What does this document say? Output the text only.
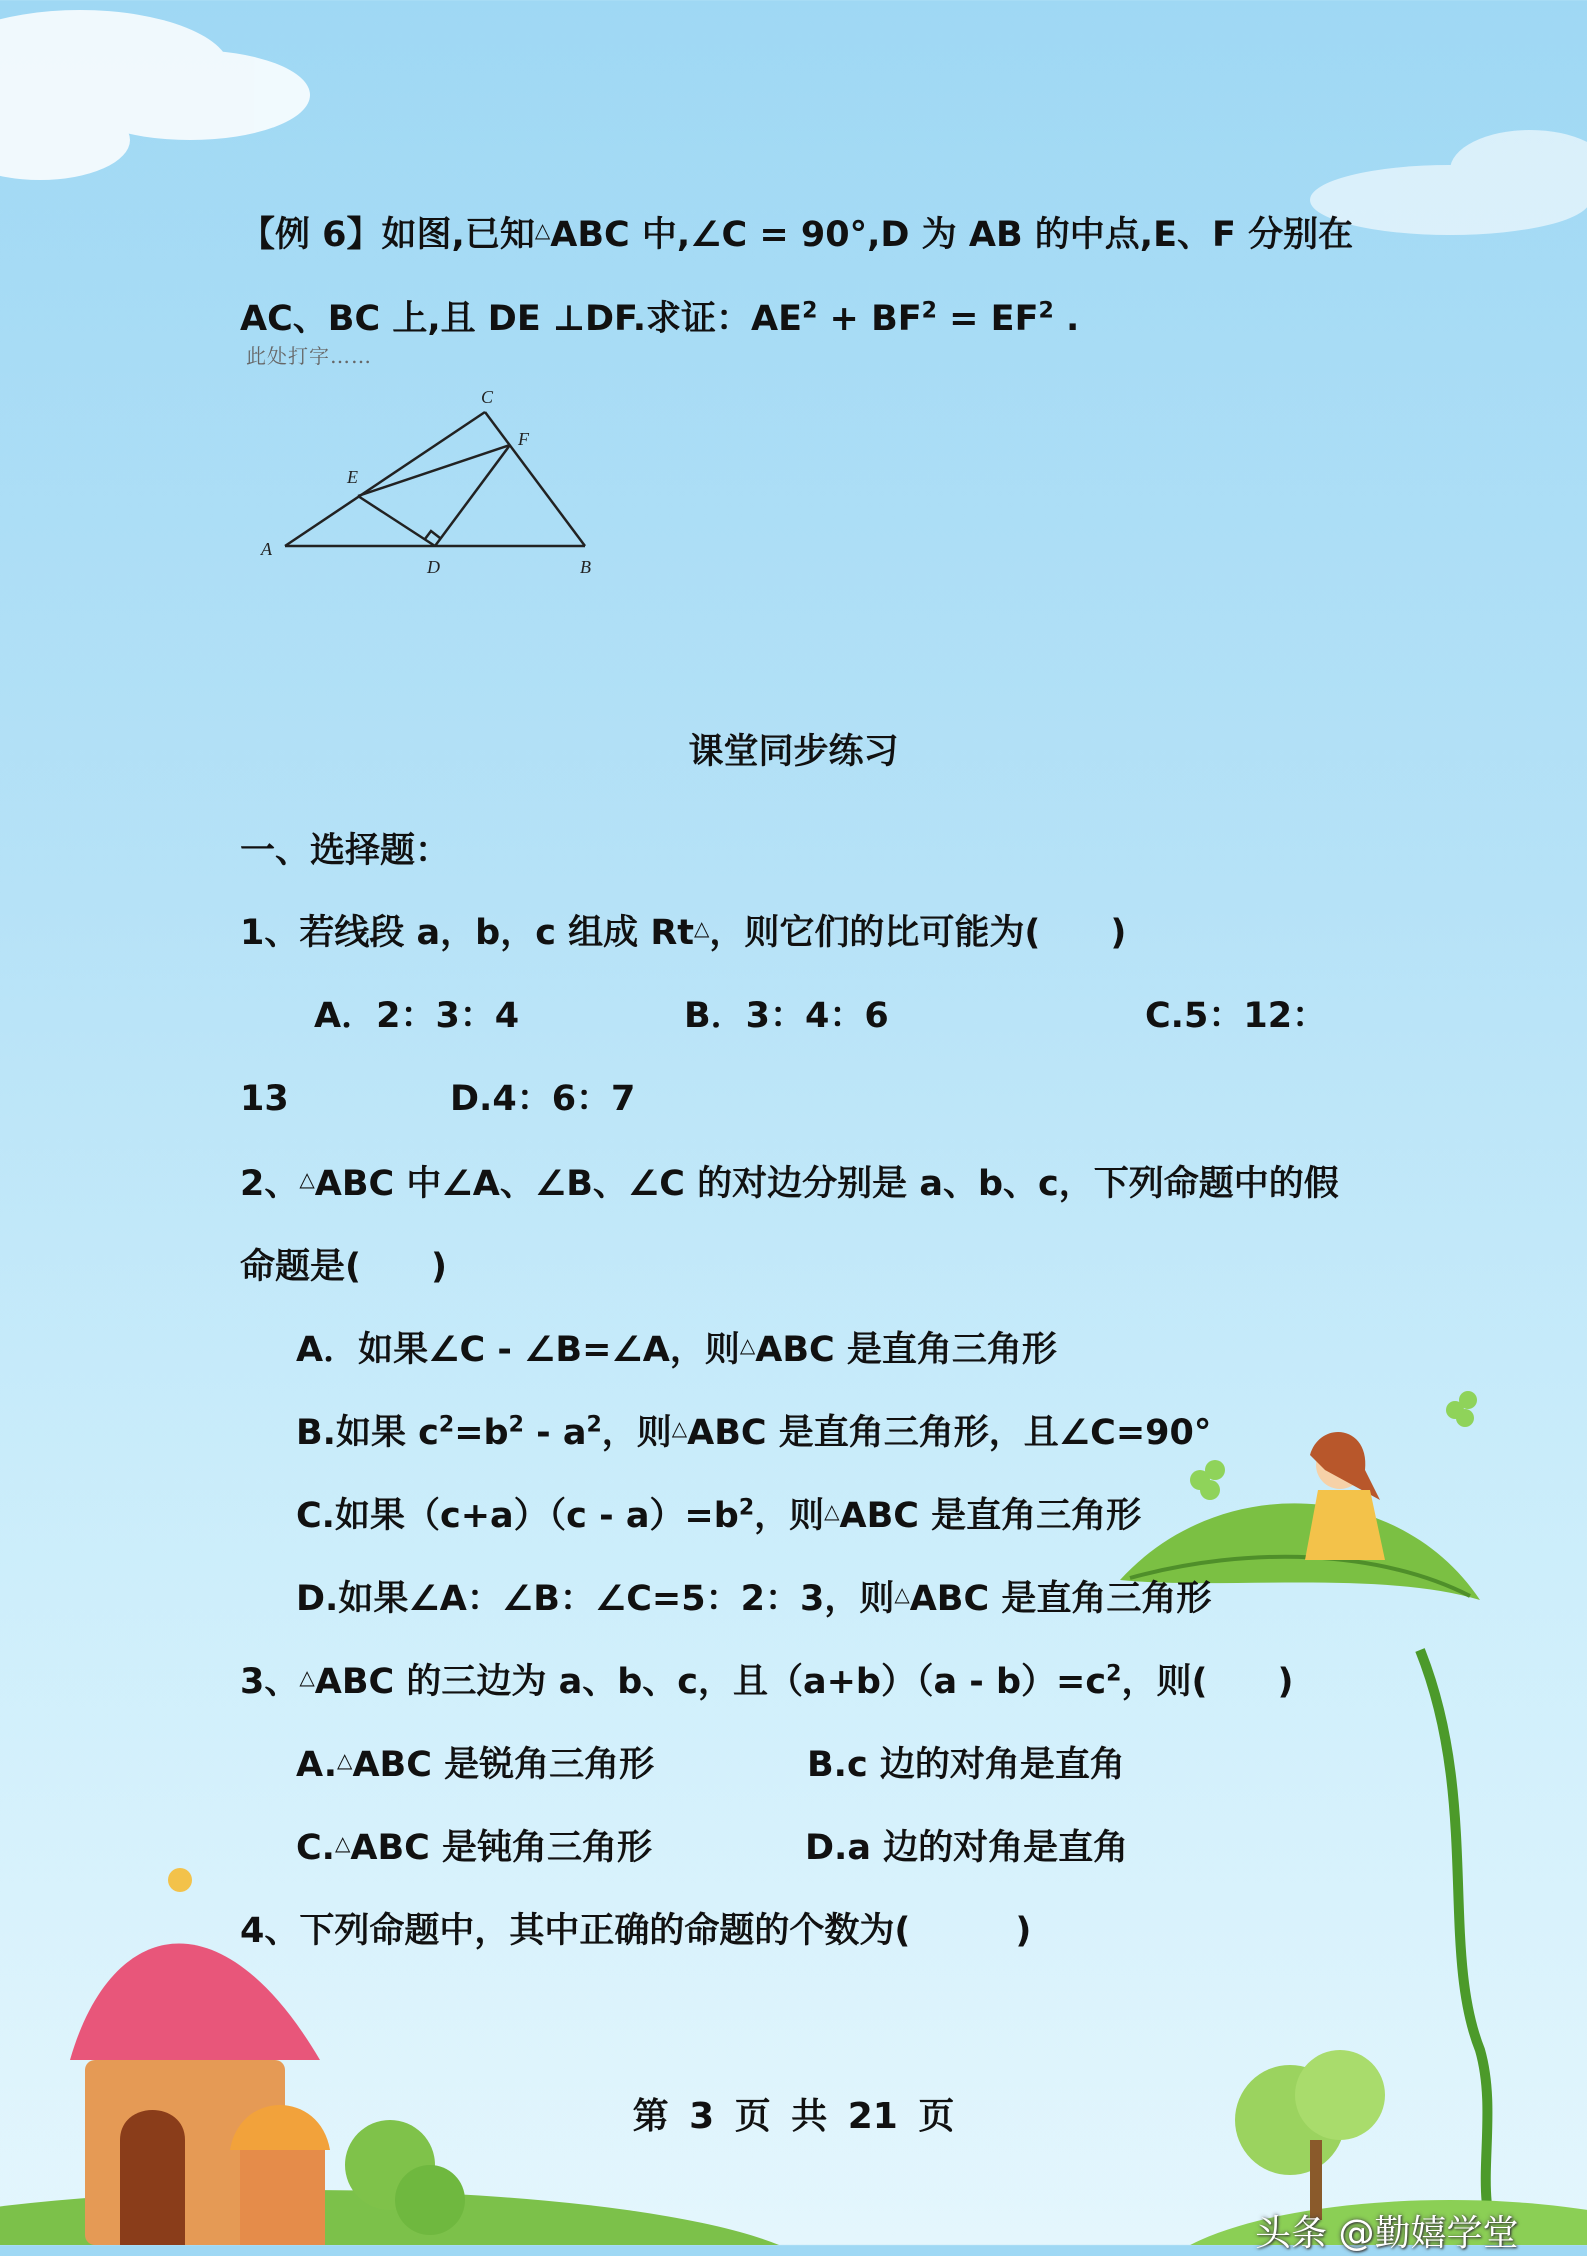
【例 6】如图,已知△ABC 中,∠C = 90°,D 为 AB 的中点,E、F 分别在
AC、BC 上,且 DE ⊥DF.求证：$AE^2 + BF^2 = EF^2$ .
此处打字……
A
B
C
D
E
F
课堂同步练习
一、选择题：
1、若线段 a，b，c 组成 Rt△，则它们的比可能为(　　)
A．2：3：4	B．3：4：6	C.5：12：
13	D.4：6：7
2、△ABC 中∠A、∠B、∠C 的对边分别是 a、b、c，下列命题中的假
命题是(　　)
A．如果∠C - ∠B=∠A，则△ABC 是直角三角形
B.如果 $c^2=b^2 - a^2$，则△ABC 是直角三角形，且∠C=90°
C.如果$(c+a)(c - a)=b^2$，则△ABC 是直角三角形
D.如果∠A：∠B：∠C=5：2：3，则△ABC 是直角三角形
3、△ABC 的三边为 a、b、c，且$(a+b)(a - b)=c^2$，则(　　)
A.△ABC 是锐角三角形	B.c 边的对角是直角
C.△ABC 是钝角三角形	D.a 边的对角是直角
4、下列命题中，其中正确的命题的个数为(　　　)
第 3 页 共 21 页
头条 @勤嬉学堂
